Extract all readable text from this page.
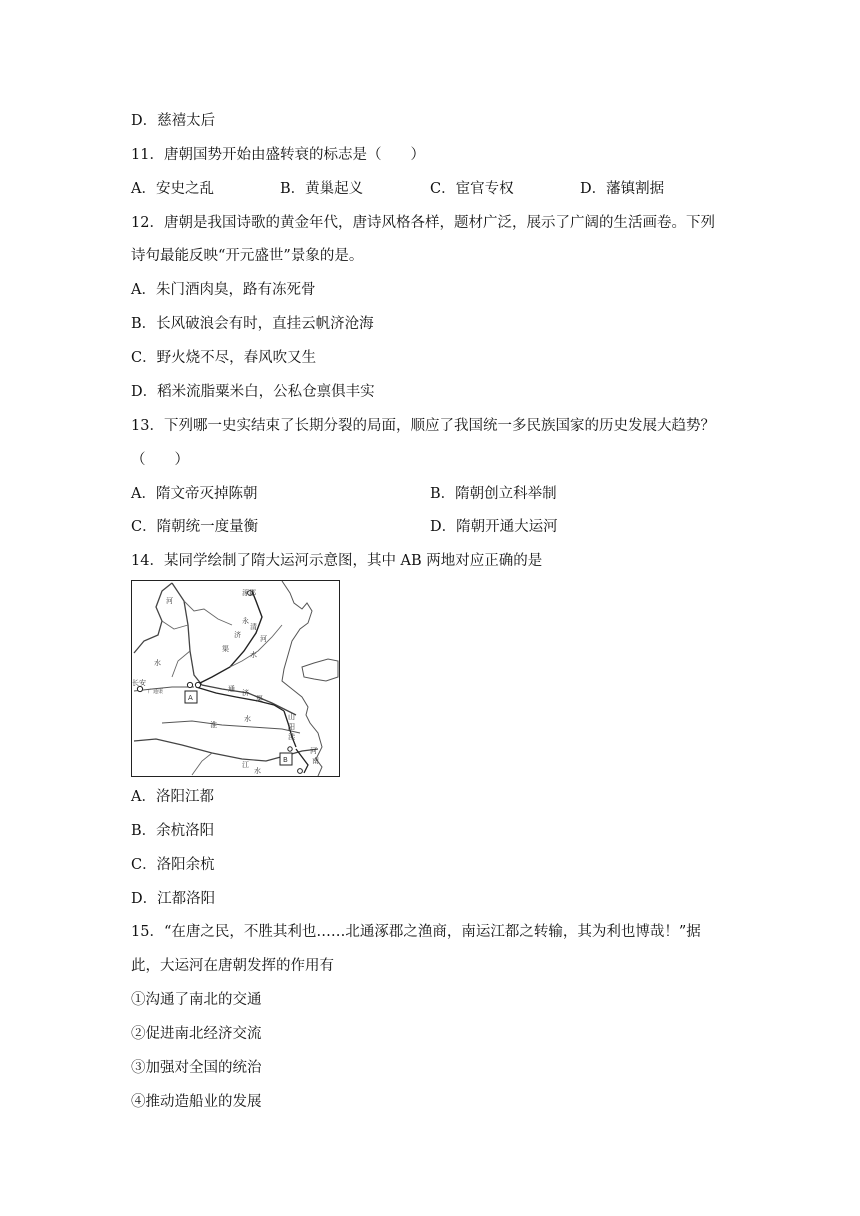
D．慈禧太后
11．唐朝国势开始由盛转衰的标志是（　　）
A．安史之乱	B．黄巢起义	C．宦官专权	D．藩镇割据
12．唐朝是我国诗歌的黄金年代，唐诗风格各样，题材广泛，展示了广阔的生活画卷。下列
诗句最能反映“开元盛世”景象的是。
A．朱门酒肉臭，路有冻死骨
B．长风破浪会有时，直挂云帆济沧海
C．野火烧不尽，春风吹又生
D．稻米流脂粟米白，公私仓禀俱丰实
13．下列哪一史实结束了长期分裂的局面，顺应了我国统一多民族国家的历史发展大趋势？
（　　）
A．隋文帝灭掉陈朝	B．隋朝创立科举制
C．隋朝统一度量衡	D．隋朝开通大运河
14．某同学绘制了隋大运河示意图，其中 AB 两地对应正确的是
A
B
涿郡
长安
广通渠
河
水
永
济
渠
清
河
水
通 济
渠
淮
水	山
阳
渎
江
水
河
南
A．洛阳江都
B．余杭洛阳
C．洛阳余杭
D．江都洛阳
15．“在唐之民，不胜其利也……北通涿郡之渔商，南运江都之转输，其为利也博哉！”据
此，大运河在唐朝发挥的作用有
①沟通了南北的交通
②促进南北经济交流
③加强对全国的统治
④推动造船业的发展
